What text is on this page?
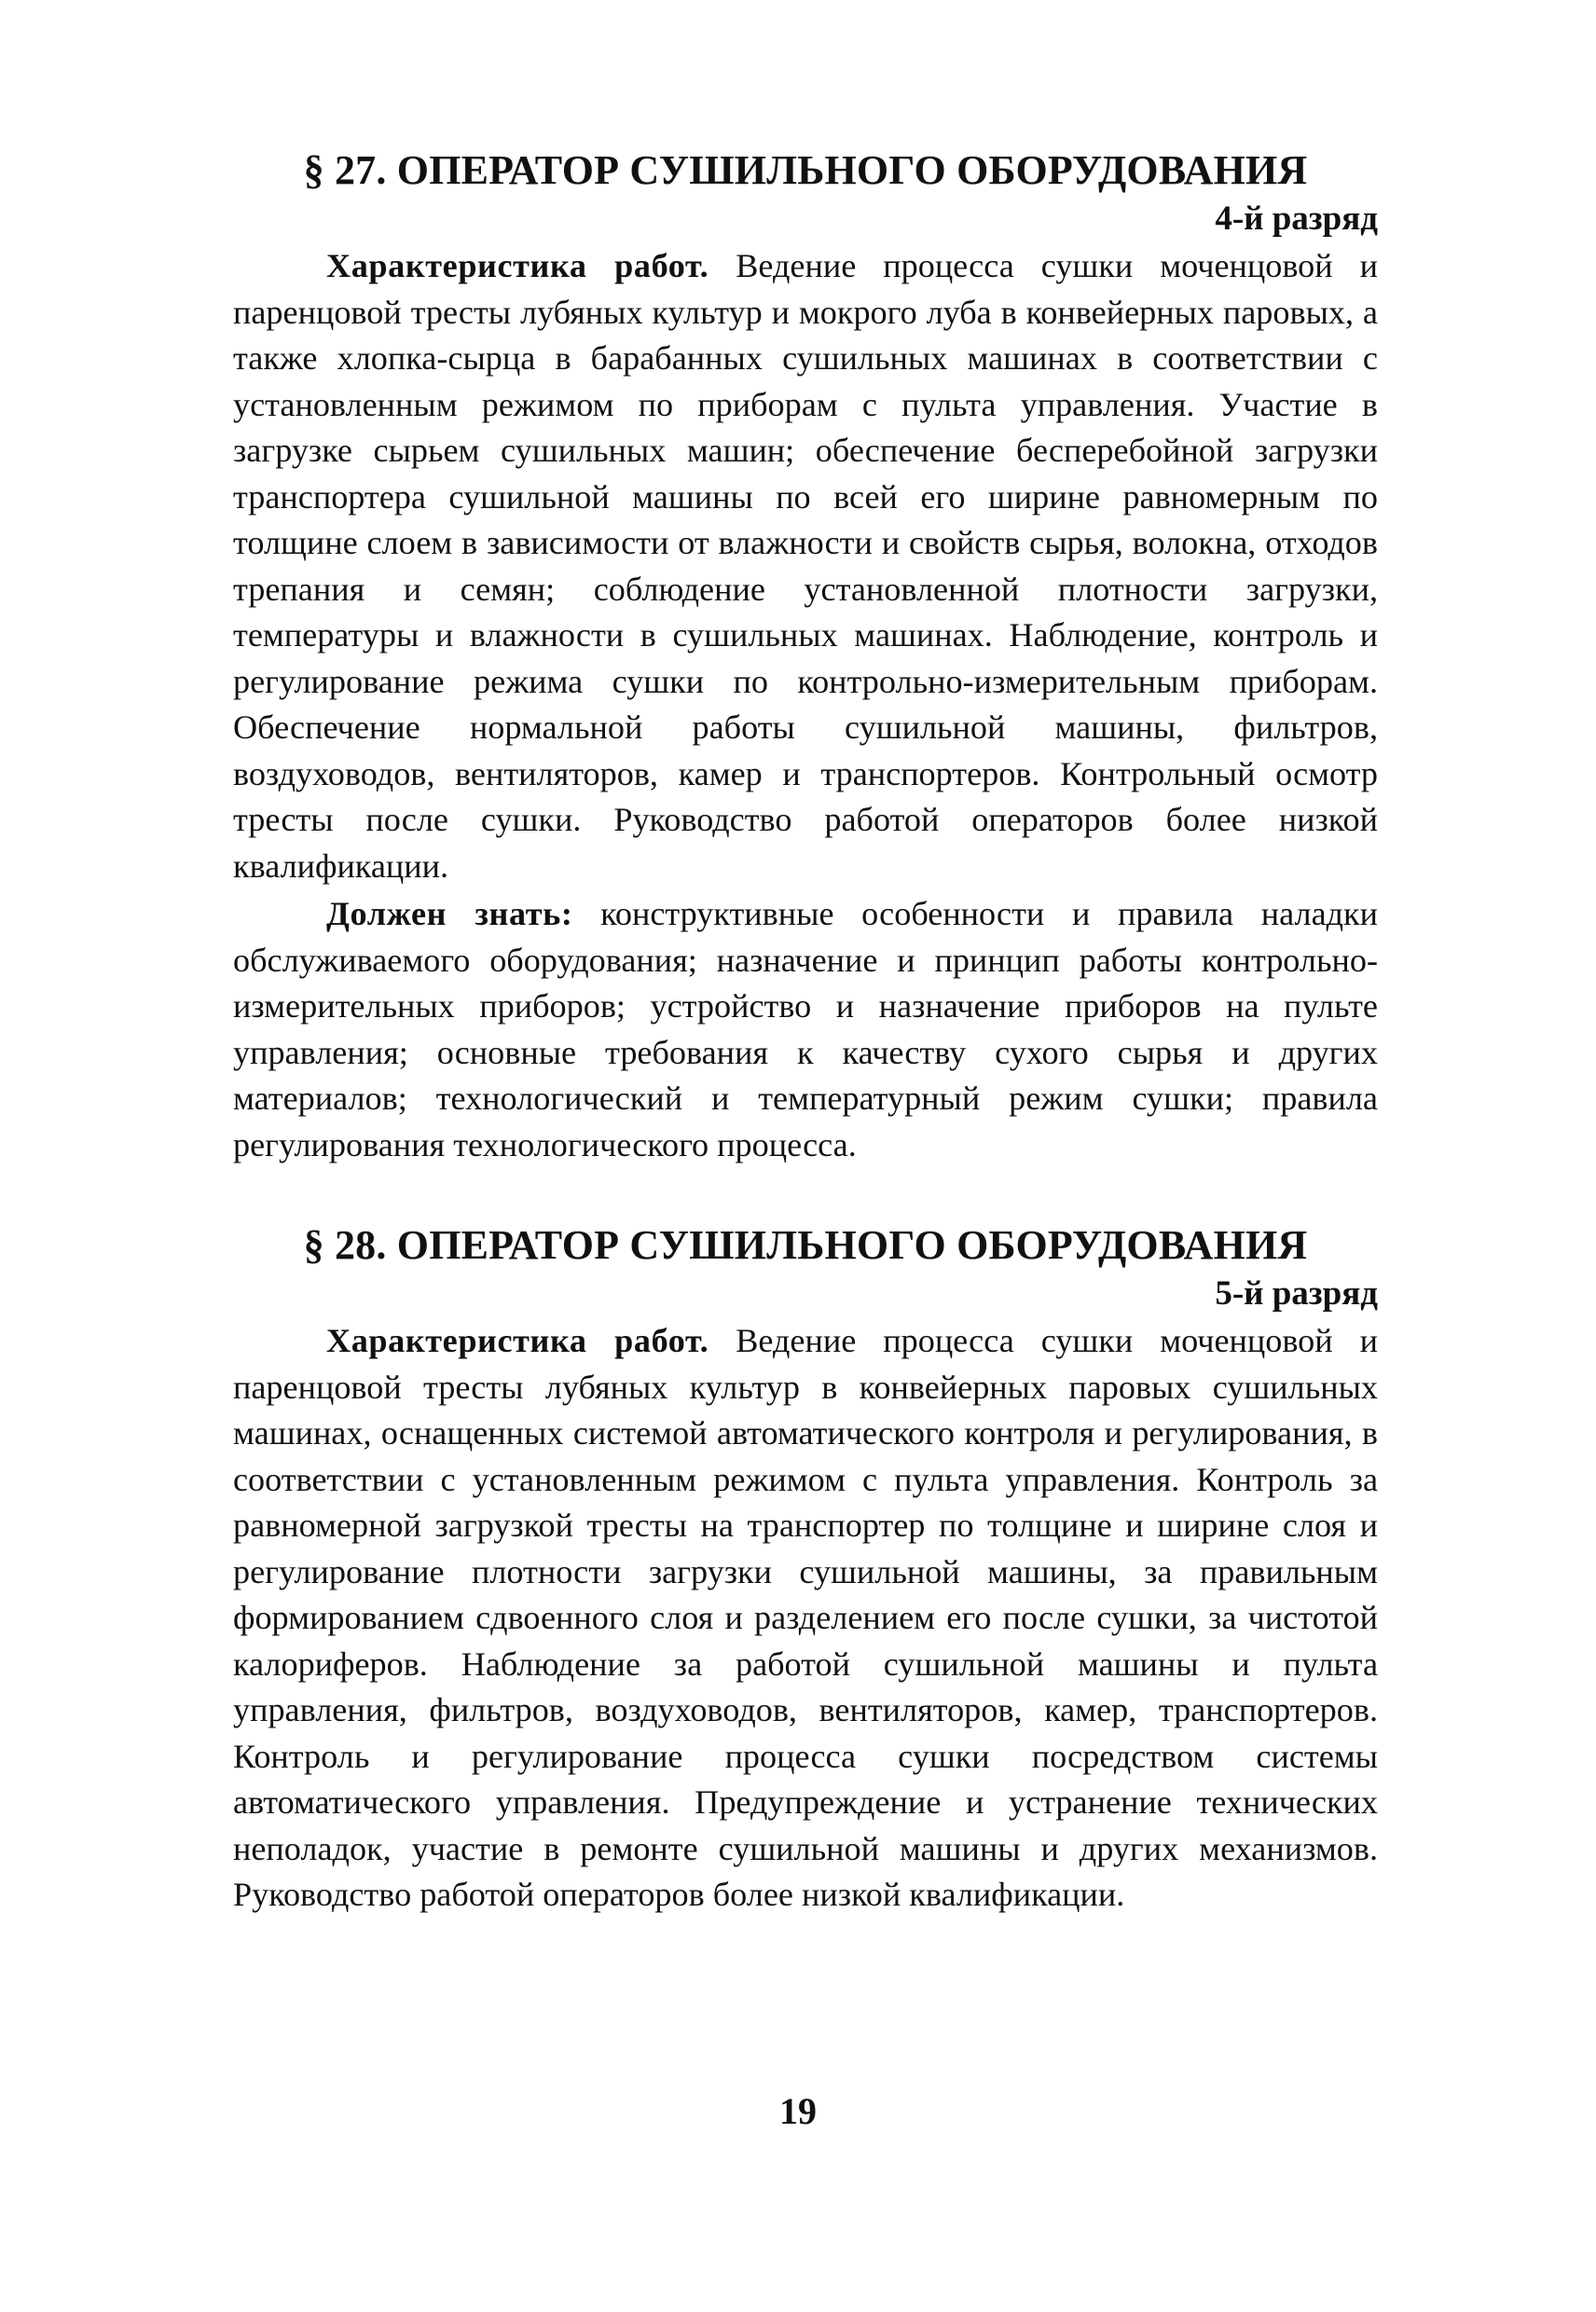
§ 27. ОПЕРАТОР СУШИЛЬНОГО ОБОРУДОВАНИЯ

4-й разряд

Характеристика работ. Ведение процесса сушки моченцовой и паренцовой тресты лубяных культур и мокрого луба в конвейерных паровых, а также хлопка-сырца в барабанных сушильных машинах в соответствии с установленным режимом по приборам с пульта управления. Участие в загрузке сырьем сушильных машин; обеспечение бесперебойной загрузки транспортера сушильной машины по всей его ширине равномерным по толщине слоем в зависимости от влажности и свойств сырья, волокна, отходов трепания и семян; соблюдение установленной плотности загрузки, температуры и влажности в сушильных машинах. Наблюдение, контроль и регулирование режима сушки по контрольно-измерительным приборам. Обеспечение нормальной работы сушильной машины, фильтров, воздуховодов, вентиляторов, камер и транспортеров. Контрольный осмотр тресты после сушки. Руководство работой операторов более низкой квалификации.

Должен знать: конструктивные особенности и правила наладки обслуживаемого оборудования; назначение и принцип работы контрольно-измерительных приборов; устройство и назначение приборов на пульте управления; основные требования к качеству сухого сырья и других материалов; технологический и температурный режим сушки; правила регулирования технологического процесса.

§ 28. ОПЕРАТОР СУШИЛЬНОГО ОБОРУДОВАНИЯ

5-й разряд

Характеристика работ. Ведение процесса сушки моченцовой и паренцовой тресты лубяных культур в конвейерных паровых сушильных машинах, оснащенных системой автоматического контроля и регулирования, в соответствии с установленным режимом с пульта управления. Контроль за равномерной загрузкой тресты на транспортер по толщине и ширине слоя и регулирование плотности загрузки сушильной машины, за правильным формированием сдвоенного слоя и разделением его после сушки, за чистотой калориферов. Наблюдение за работой сушильной машины и пульта управления, фильтров, воздуховодов, вентиляторов, камер, транспортеров. Контроль и регулирование процесса сушки посредством системы автоматического управления. Предупреждение и устранение технических неполадок, участие в ремонте сушильной машины и других механизмов. Руководство работой операторов более низкой квалификации.

19
